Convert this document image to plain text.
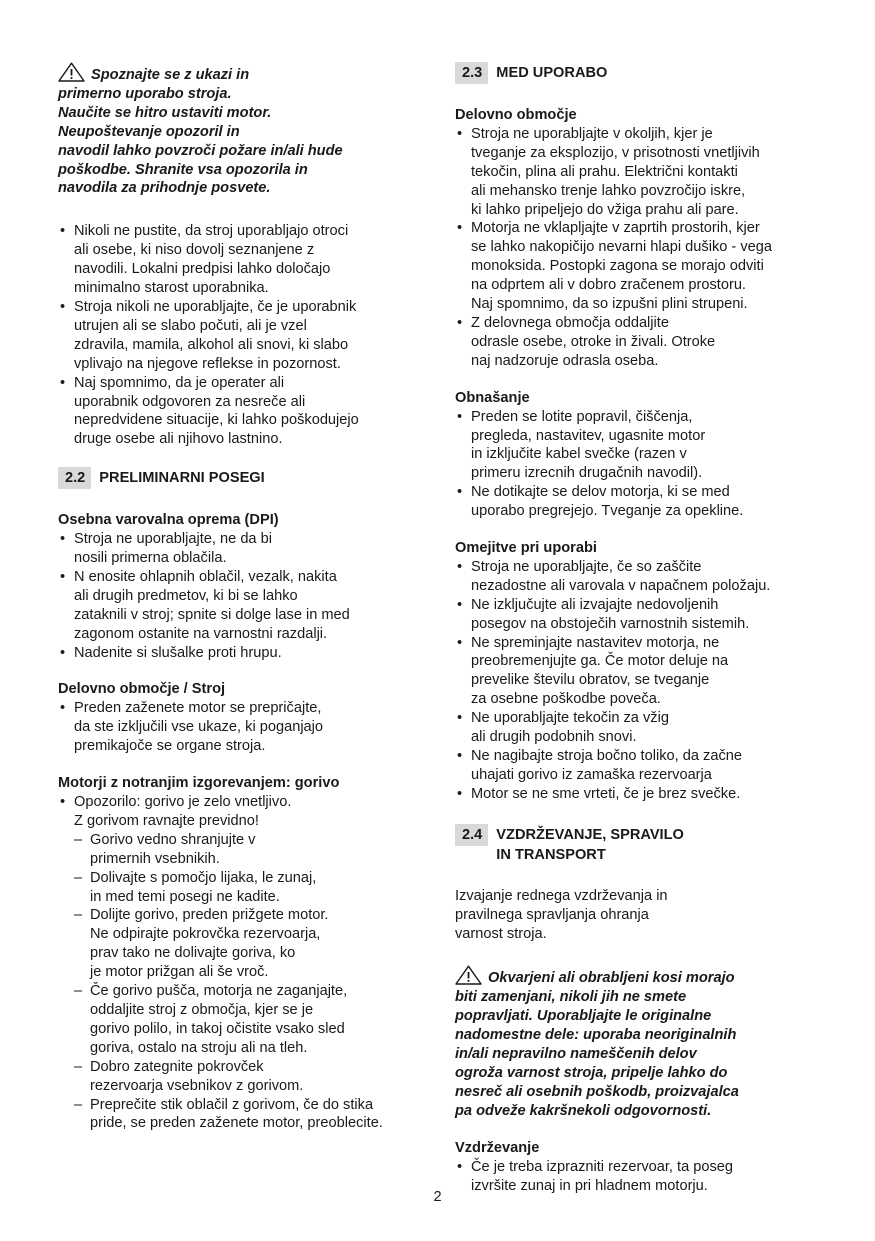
Spoznajte se z ukazi in
primerno uporabo stroja.
Naučite se hitro ustaviti motor.
Neupoštevanje opozoril in
navodil lahko povzroči požare in/ali hude
poškodbe. Shranite vsa opozorila in
navodila za prihodnje posvete.
• Nikoli ne pustite, da stroj uporabljajo otroci
ali osebe, ki niso dovolj seznanjene z
navodili. Lokalni predpisi lahko določajo
minimalno starost uporabnika.
• Stroja nikoli ne uporabljajte, če je uporabnik
utrujen ali se slabo počuti, ali je vzel
zdravila, mamila, alkohol ali snovi, ki slabo
vplivajo na njegove reflekse in pozornost.
• Naj spomnimo, da je operater ali
uporabnik odgovoren za nesreče ali
nepredvidene situacije, ki lahko poškodujejo
druge osebe ali njihovo lastnino.
2.2 PRELIMINARNI POSEGI

Osebna varovalna oprema (DPI)

• Stroja ne uporabljajte, ne da bi
nosili primerna oblačila.
• N enosite ohlapnih oblačil, vezalk, nakita
ali drugih predmetov, ki bi se lahko
zataknili v stroj; spnite si dolge lase in med
zagonom ostanite na varnostni razdalji.
• Nadenite si slušalke proti hrupu.

Delovno območje / Stroj

• Preden zaženete motor se prepričajte,
da ste izključili vse ukaze, ki poganjajo
premikajoče se organe stroja.

Motorji z notranjim izgorevanjem: gorivo

• Opozorilo: gorivo je zelo vnetljivo.
Z gorivom ravnajte previdno!
– Gorivo vedno shranjujte v
primernih vsebnikih.
– Dolivajte s pomočjo lijaka, le zunaj,
in med temi posegi ne kadite.
– Dolijte gorivo, preden prižgete motor.
Ne odpirajte pokrovčka rezervoarja,
prav tako ne dolivajte goriva, ko
je motor prižgan ali še vroč.
– Če gorivo pušča, motorja ne zaganjajte,
oddaljite stroj z območja, kjer se je
gorivo polilo, in takoj očistite vsako sled
goriva, ostalo na stroju ali na tleh.
– Dobro zategnite pokrovček
rezervoarja vsebnikov z gorivom.
– Preprečite stik oblačil z gorivom, če do stika
pride, se preden zaženete motor, preoblecite.
2.3 MED UPORABO

Delovno območje

• Stroja ne uporabljajte v okoljih, kjer je
tveganje za eksplozijo, v prisotnosti vnetljivih
tekočin, plina ali prahu. Električni kontakti
ali mehansko trenje lahko povzročijo iskre,
ki lahko pripeljejo do vžiga prahu ali pare.
• Motorja ne vklapljajte v zaprtih prostorih, kjer
se lahko nakopičijo nevarni hlapi dušiko - vega
monoksida. Postopki zagona se morajo odviti
na odprtem ali v dobro zračenem prostoru.
Naj spomnimo, da so izpušni plini strupeni.
• Z delovnega območja oddaljite
odrasle osebe, otroke in živali. Otroke
naj nadzoruje odrasla oseba.

Obnašanje

• Preden se lotite popravil, čiščenja,
pregleda, nastavitev, ugasnite motor
in izključite kabel svečke (razen v
primeru izrecnih drugačnih navodil).
• Ne dotikajte se delov motorja, ki se med
uporabo pregrejejo. Tveganje za opekline.

Omejitve pri uporabi

• Stroja ne uporabljajte, če so zaščite
nezadostne ali varovala v napačnem položaju.
• Ne izključujte ali izvajajte nedovoljenih
posegov na obstoječih varnostnih sistemih.
• Ne spreminjajte nastavitev motorja, ne
preobremenjujte ga. Če motor deluje na
prevelike številu obratov, se tveganje
za osebne poškodbe poveča.
• Ne uporabljajte tekočin za vžig
ali drugih podobnih snovi.
• Ne nagibajte stroja bočno toliko, da začne
uhajati gorivo iz zamaška rezervoarja
• Motor se ne sme vrteti, če je brez svečke.
2.4 VZDRŽEVANJE, SPRAVILO
IN TRANSPORT
Izvajanje rednega vzdrževanja in
pravilnega spravljanja ohranja
varnost stroja.
Okvarjeni ali obrabljeni kosi morajo
biti zamenjani, nikoli jih ne smete
popravljati. Uporabljajte le originalne
nadomestne dele: uporaba neoriginalnih
in/ali nepravilno nameščenih delov
ogroža varnost stroja, pripelje lahko do
nesreč ali osebnih poškodb, proizvajalca
pa odveže kakršnekoli odgovornosti.

Vzdrževanje

• Če je treba izprazniti rezervoar, ta poseg
izvršite zunaj in pri hladnem motorju.
2
